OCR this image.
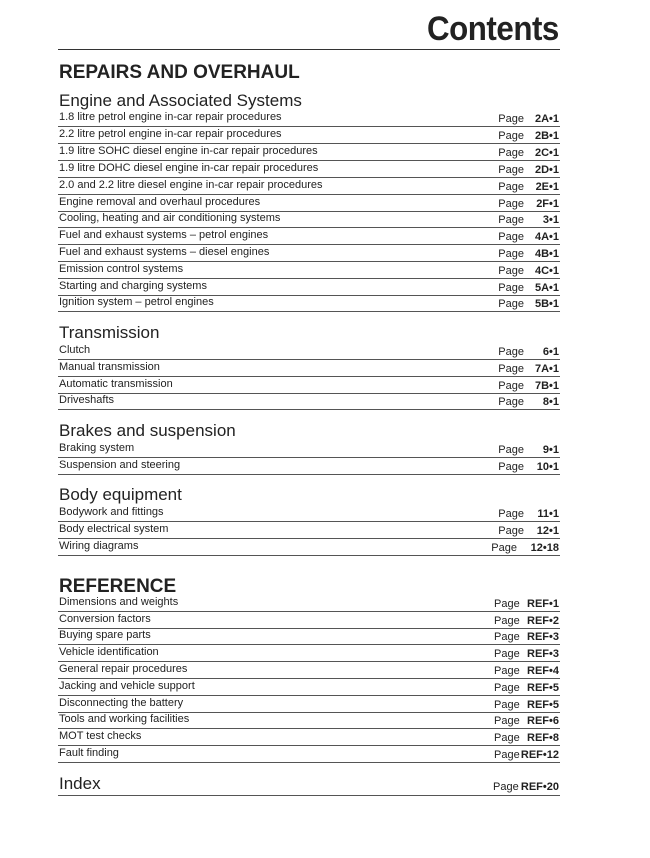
Contents
REPAIRS AND OVERHAUL
Engine and Associated Systems
1.8 litre petrol engine in-car repair procedures	Page 2A•1
2.2 litre petrol engine in-car repair procedures	Page 2B•1
1.9 litre SOHC diesel engine in-car repair procedures	Page 2C•1
1.9 litre DOHC diesel engine in-car repair procedures	Page 2D•1
2.0 and 2.2 litre diesel engine in-car repair procedures	Page 2E•1
Engine removal and overhaul procedures	Page 2F•1
Cooling, heating and air conditioning systems	Page 3•1
Fuel and exhaust systems – petrol engines	Page 4A•1
Fuel and exhaust systems – diesel engines	Page 4B•1
Emission control systems	Page 4C•1
Starting and charging systems	Page 5A•1
Ignition system – petrol engines	Page 5B•1
Transmission
Clutch	Page 6•1
Manual transmission	Page 7A•1
Automatic transmission	Page 7B•1
Driveshafts	Page 8•1
Brakes and suspension
Braking system	Page 9•1
Suspension and steering	Page 10•1
Body equipment
Bodywork and fittings	Page 11•1
Body electrical system	Page 12•1
Wiring diagrams	Page 12•18
REFERENCE
Dimensions and weights	Page REF•1
Conversion factors	Page REF•2
Buying spare parts	Page REF•3
Vehicle identification	Page REF•3
General repair procedures	Page REF•4
Jacking and vehicle support	Page REF•5
Disconnecting the battery	Page REF•5
Tools and working facilities	Page REF•6
MOT test checks	Page REF•8
Fault finding	Page REF•12
Index	Page REF•20
